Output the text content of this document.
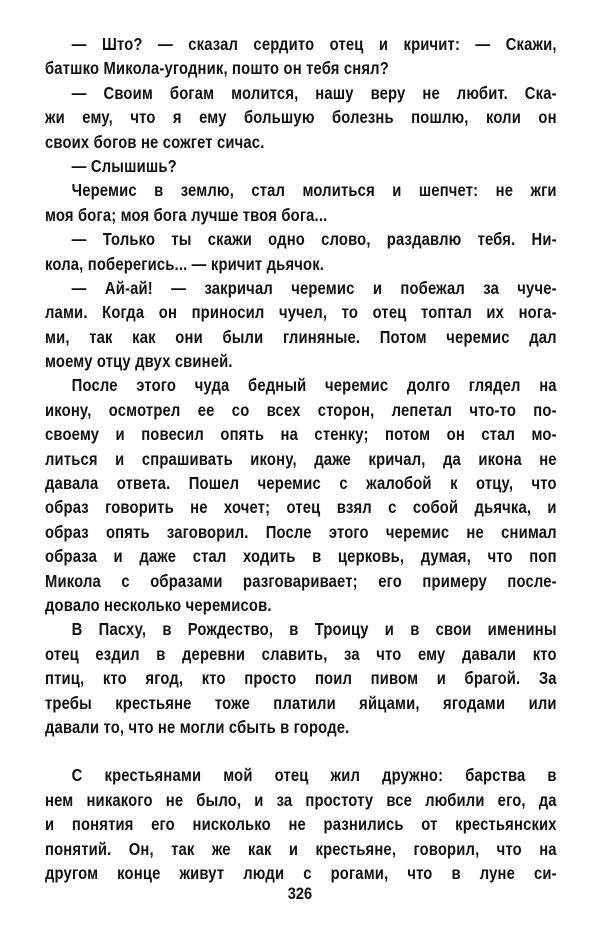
— Што? — сказал сердито отец и кричит: — Скажи,
батшко Микола-угодник, пошто он тебя снял?
— Своим богам молится, нашу веру не любит. Ска-
жи ему, что я ему большую болезнь пошлю, коли он
своих богов не сожгет сичас.
— Слышишь?
Черемис в землю, стал молиться и шепчет: не жги
моя бога; моя бога лучше твоя бога...
— Только ты скажи одно слово, раздавлю тебя. Ни-
кола, поберегись... — кричит дьячок.
— Ай-ай! — закричал черемис и побежал за чуче-
лами. Когда он приносил чучел, то отец топтал их нога-
ми, так как они были глиняные. Потом черемис дал
моему отцу двух свиней.
После этого чуда бедный черемис долго глядел на
икону, осмотрел ее со всех сторон, лепетал что-то по-
своему и повесил опять на стенку; потом он стал мо-
литься и спрашивать икону, даже кричал, да икона не
давала ответа. Пошел черемис с жалобой к отцу, что
образ говорить не хочет; отец взял с собой дьячка, и
образ опять заговорил. После этого черемис не снимал
образа и даже стал ходить в церковь, думая, что поп
Микола с образами разговаривает; его примеру после-
довало несколько черемисов.
В Пасху, в Рождество, в Троицу и в свои именины
отец ездил в деревни славить, за что ему давали кто
птиц, кто ягод, кто просто поил пивом и брагой. За
требы крестьяне тоже платили яйцами, ягодами или
давали то, что не могли сбыть в городе.
С крестьянами мой отец жил дружно: барства в
нем никакого не было, и за простоту все любили его, да
и понятия его нисколько не разнились от крестьянских
понятий. Он, так же как и крестьяне, говорил, что на
другом конце живут люди с рогами, что в луне си-
326
